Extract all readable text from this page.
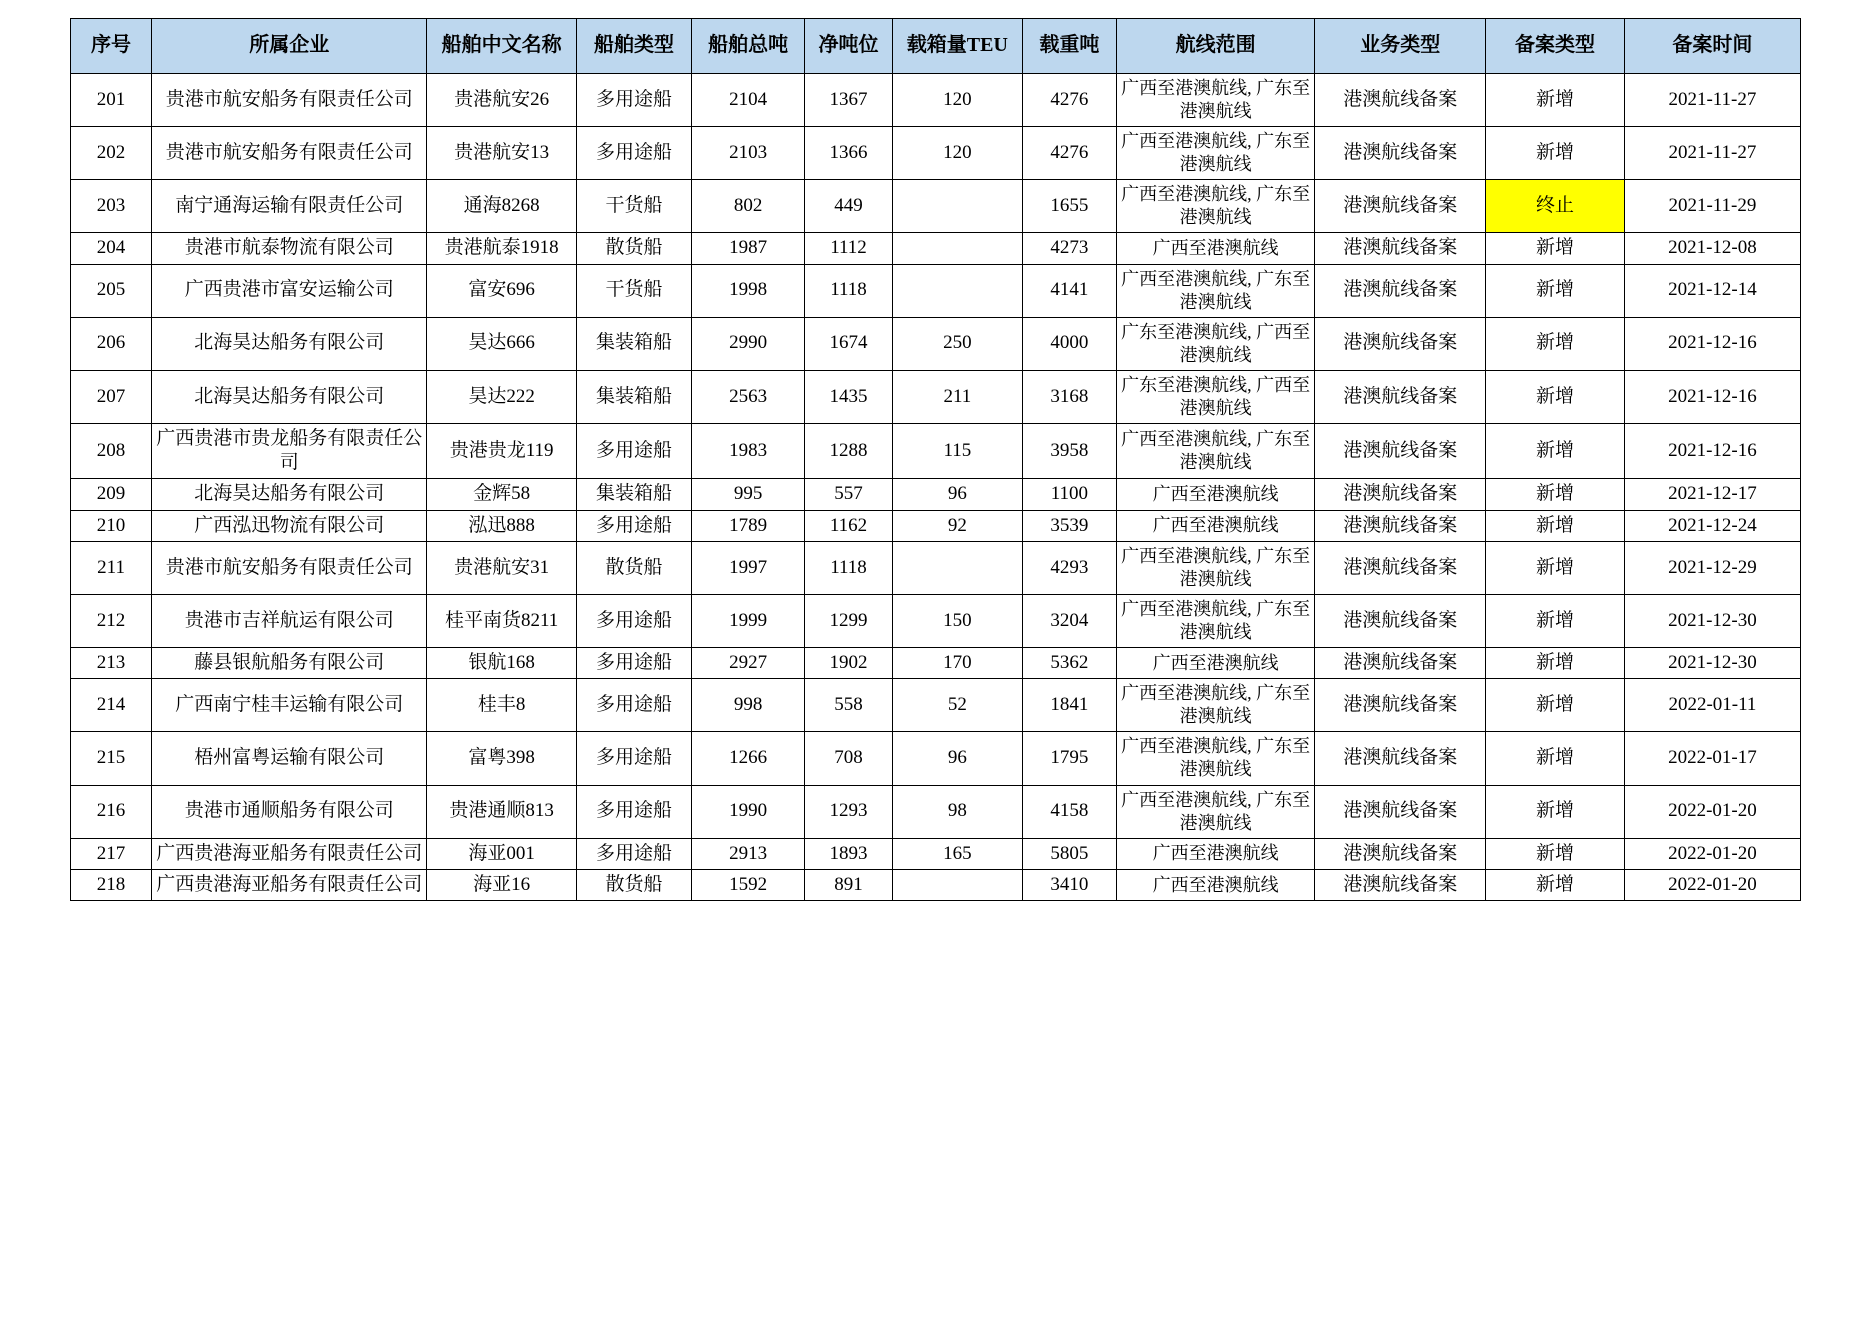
序号	所属企业	船舶中文名称	船舶类型	船舶总吨	净吨位	载箱量TEU	载重吨	航线范围	业务类型	备案类型	备案时间
201	贵港市航安船务有限责任公司	贵港航安26	多用途船	2104	1367	120	4276	广西至港澳航线, 广东至港澳航线	港澳航线备案	新增	2021-11-27
202	贵港市航安船务有限责任公司	贵港航安13	多用途船	2103	1366	120	4276	广西至港澳航线, 广东至港澳航线	港澳航线备案	新增	2021-11-27
203	南宁通海运输有限责任公司	通海8268	干货船	802	449		1655	广西至港澳航线, 广东至港澳航线	港澳航线备案	终止	2021-11-29
204	贵港市航泰物流有限公司	贵港航泰1918	散货船	1987	1112		4273	广西至港澳航线	港澳航线备案	新增	2021-12-08
205	广西贵港市富安运输公司	富安696	干货船	1998	1118		4141	广西至港澳航线, 广东至港澳航线	港澳航线备案	新增	2021-12-14
206	北海昊达船务有限公司	昊达666	集装箱船	2990	1674	250	4000	广东至港澳航线, 广西至港澳航线	港澳航线备案	新增	2021-12-16
207	北海昊达船务有限公司	昊达222	集装箱船	2563	1435	211	3168	广东至港澳航线, 广西至港澳航线	港澳航线备案	新增	2021-12-16
208	广西贵港市贵龙船务有限责任公司	贵港贵龙119	多用途船	1983	1288	115	3958	广西至港澳航线, 广东至港澳航线	港澳航线备案	新增	2021-12-16
209	北海昊达船务有限公司	金辉58	集装箱船	995	557	96	1100	广西至港澳航线	港澳航线备案	新增	2021-12-17
210	广西泓迅物流有限公司	泓迅888	多用途船	1789	1162	92	3539	广西至港澳航线	港澳航线备案	新增	2021-12-24
211	贵港市航安船务有限责任公司	贵港航安31	散货船	1997	1118		4293	广西至港澳航线, 广东至港澳航线	港澳航线备案	新增	2021-12-29
212	贵港市吉祥航运有限公司	桂平南货8211	多用途船	1999	1299	150	3204	广西至港澳航线, 广东至港澳航线	港澳航线备案	新增	2021-12-30
213	藤县银航船务有限公司	银航168	多用途船	2927	1902	170	5362	广西至港澳航线	港澳航线备案	新增	2021-12-30
214	广西南宁桂丰运输有限公司	桂丰8	多用途船	998	558	52	1841	广西至港澳航线, 广东至港澳航线	港澳航线备案	新增	2022-01-11
215	梧州富粤运输有限公司	富粤398	多用途船	1266	708	96	1795	广西至港澳航线, 广东至港澳航线	港澳航线备案	新增	2022-01-17
216	贵港市通顺船务有限公司	贵港通顺813	多用途船	1990	1293	98	4158	广西至港澳航线, 广东至港澳航线	港澳航线备案	新增	2022-01-20
217	广西贵港海亚船务有限责任公司	海亚001	多用途船	2913	1893	165	5805	广西至港澳航线	港澳航线备案	新增	2022-01-20
218	广西贵港海亚船务有限责任公司	海亚16	散货船	1592	891		3410	广西至港澳航线	港澳航线备案	新增	2022-01-20
